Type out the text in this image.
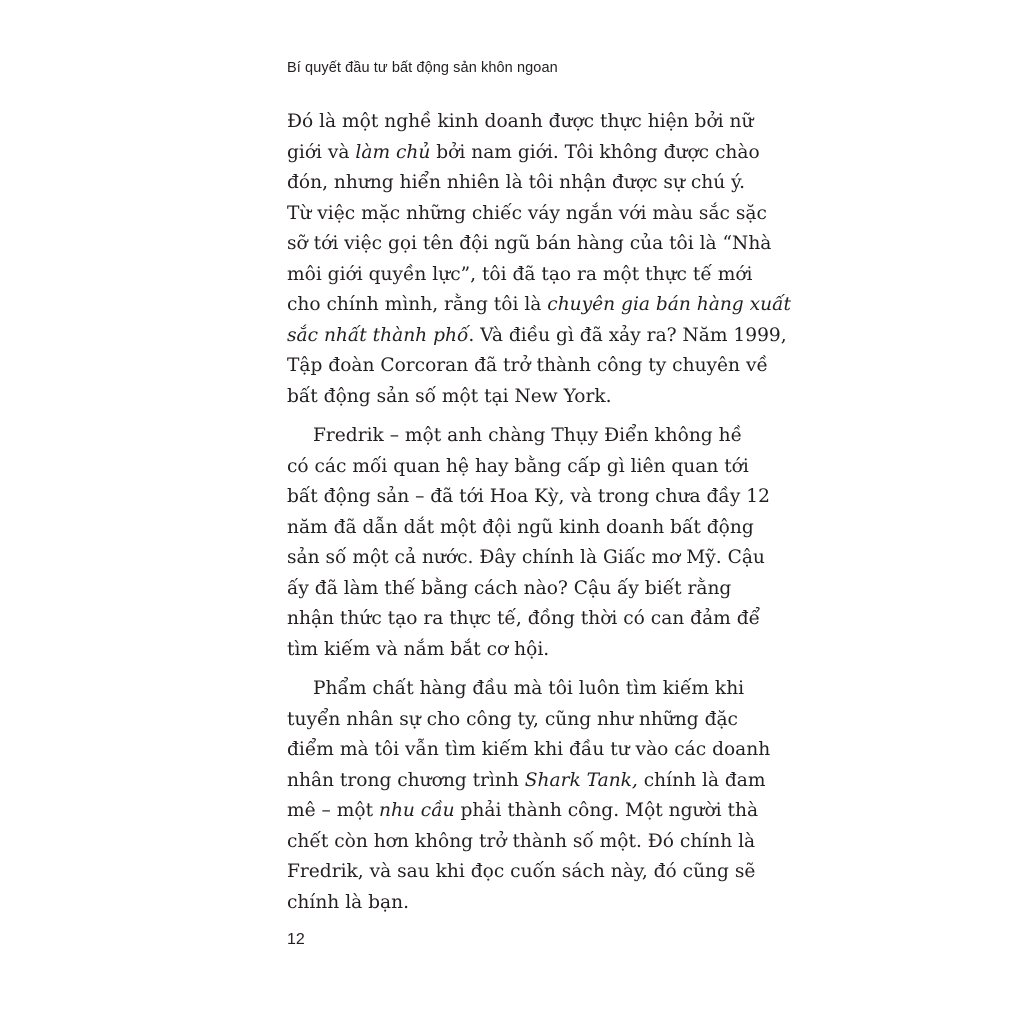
Bí quyết đầu tư bất động sản khôn ngoan

Đó là một nghề kinh doanh được thực hiện bởi nữ
giới và làm chủ bởi nam giới. Tôi không được chào
đón, nhưng hiển nhiên là tôi nhận được sự chú ý.
Từ việc mặc những chiếc váy ngắn với màu sắc sặc
sỡ tới việc gọi tên đội ngũ bán hàng của tôi là “Nhà
môi giới quyền lực”, tôi đã tạo ra một thực tế mới
cho chính mình, rằng tôi là chuyên gia bán hàng xuất
sắc nhất thành phố. Và điều gì đã xảy ra? Năm 1999,
Tập đoàn Corcoran đã trở thành công ty chuyên về
bất động sản số một tại New York.

Fredrik – một anh chàng Thụy Điển không hề
có các mối quan hệ hay bằng cấp gì liên quan tới
bất động sản – đã tới Hoa Kỳ, và trong chưa đầy 12
năm đã dẫn dắt một đội ngũ kinh doanh bất động
sản số một cả nước. Đây chính là Giấc mơ Mỹ. Cậu
ấy đã làm thế bằng cách nào? Cậu ấy biết rằng
nhận thức tạo ra thực tế, đồng thời có can đảm để
tìm kiếm và nắm bắt cơ hội.

Phẩm chất hàng đầu mà tôi luôn tìm kiếm khi
tuyển nhân sự cho công ty, cũng như những đặc
điểm mà tôi vẫn tìm kiếm khi đầu tư vào các doanh
nhân trong chương trình Shark Tank, chính là đam
mê – một nhu cầu phải thành công. Một người thà
chết còn hơn không trở thành số một. Đó chính là
Fredrik, và sau khi đọc cuốn sách này, đó cũng sẽ
chính là bạn.

12
